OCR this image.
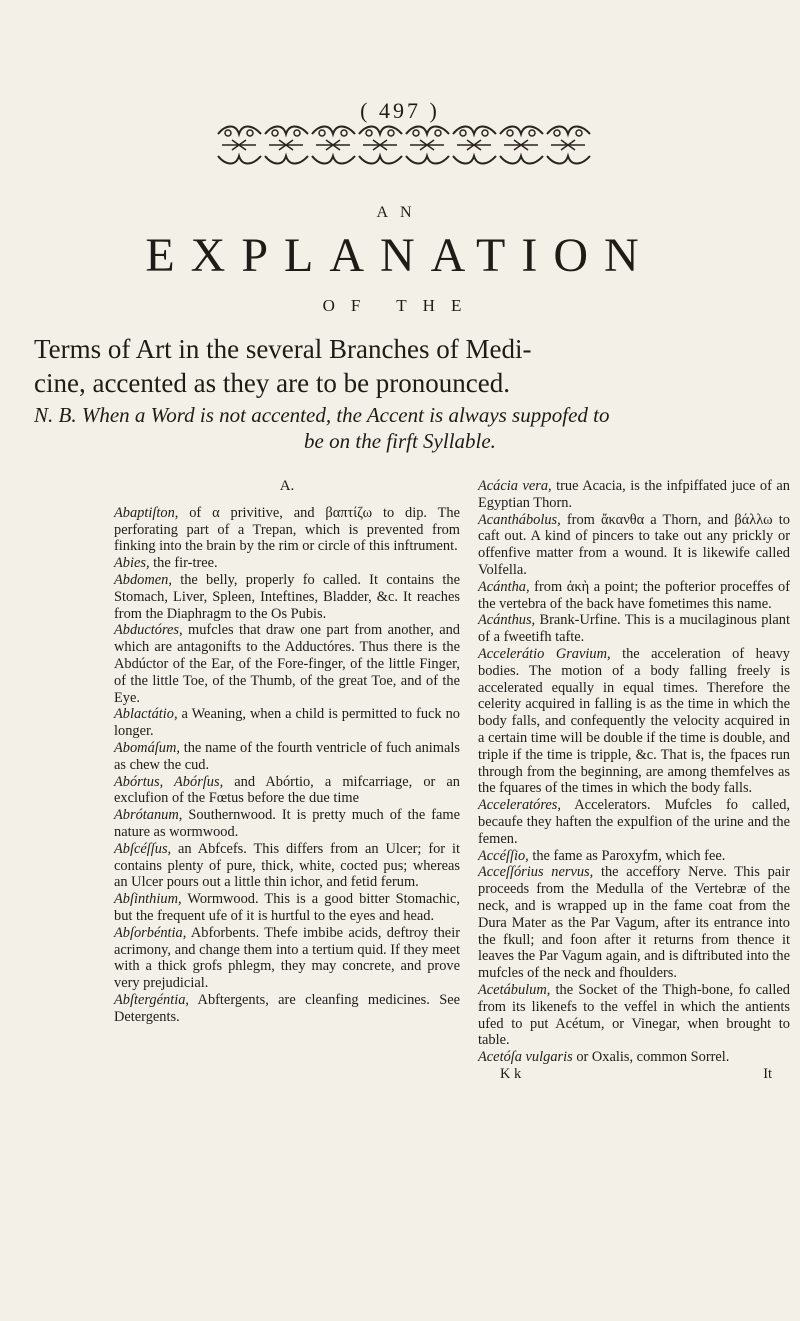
( 497 )
AN
EXPLANATION
OF THE
Terms of Art in the several Branches of Medi-
cine, accented as they are to be pronounced.
N. B. When a Word is not accented, the Accent is always suppofed to
be on the firft Syllable.
A.

Abaptiſton, of α privitive, and βαπτίζω to dip. The perforating part of a Trepan, which is prevented from finking into the brain by the rim or circle of this inftrument.

Abies, the fir-tree.

Abdomen, the belly, properly fo called. It contains the Stomach, Liver, Spleen, Inteftines, Bladder, &c. It reaches from the Diaphragm to the Os Pubis.

Abductóres, mufcles that draw one part from another, and which are antagonifts to the Adductóres. Thus there is the Abdúctor of the Ear, of the Fore-finger, of the little Finger, of the little Toe, of the Thumb, of the great Toe, and of the Eye.

Ablactátio, a Weaning, when a child is permitted to fuck no longer.

Abomáſum, the name of the fourth ventricle of fuch animals as chew the cud.

Abórtus, Abórſus, and Abórtio, a mifcarriage, or an exclufion of the Fœtus before the due time

Abrótanum, Southernwood. It is pretty much of the fame nature as wormwood.

Abſcéſſus, an Abfcefs. This differs from an Ulcer; for it contains plenty of pure, thick, white, cocted pus; whereas an Ulcer pours out a little thin ichor, and fetid ferum.

Abſinthium, Wormwood. This is a good bitter Stomachic, but the frequent ufe of it is hurtful to the eyes and head.

Abſorbéntia, Abforbents. Thefe imbibe acids, deftroy their acrimony, and change them into a tertium quid. If they meet with a thick grofs phlegm, they may concrete, and prove very prejudicial.

Abſtergéntia, Abftergents, are cleanfing medicines. See Detergents.

Acácia vera, true Acacia, is the infpiffated juce of an Egyptian Thorn.

Acanthábolus, from ἄκανθα a Thorn, and βάλλω to caft out. A kind of pincers to take out any prickly or offenfive matter from a wound. It is likewife called Volfella.

Acántha, from ἀκὴ a point; the pofterior proceffes of the vertebra of the back have fometimes this name.

Acánthus, Brank-Urfine. This is a mucilaginous plant of a fweetifh tafte.

Accelerátio Gravium, the acceleration of heavy bodies. The motion of a body falling freely is accelerated equally in equal times. Therefore the celerity acquired in falling is as the time in which the body falls, and confequently the velocity acquired in a certain time will be double if the time is double, and triple if the time is tripple, &c. That is, the fpaces run through from the beginning, are among themfelves as the fquares of the times in which the body falls.

Acceleratóres, Accelerators. Mufcles fo called, becaufe they haften the expulfion of the urine and the femen.

Accéſſio, the fame as Paroxyfm, which fee.

Acceſſórius nervus, the acceffory Nerve. This pair proceeds from the Medulla of the Vertebræ of the neck, and is wrapped up in the fame coat from the Dura Mater as the Par Vagum, after its entrance into the fkull; and foon after it returns from thence it leaves the Par Vagum again, and is diftributed into the mufcles of the neck and fhoulders.

Acetábulum, the Socket of the Thigh-bone, fo called from its likenefs to the veffel in which the antients ufed to put Acétum, or Vinegar, when brought to table.

Acetóſa vulgaris or Oxalis, common Sorrel.

K k	It
